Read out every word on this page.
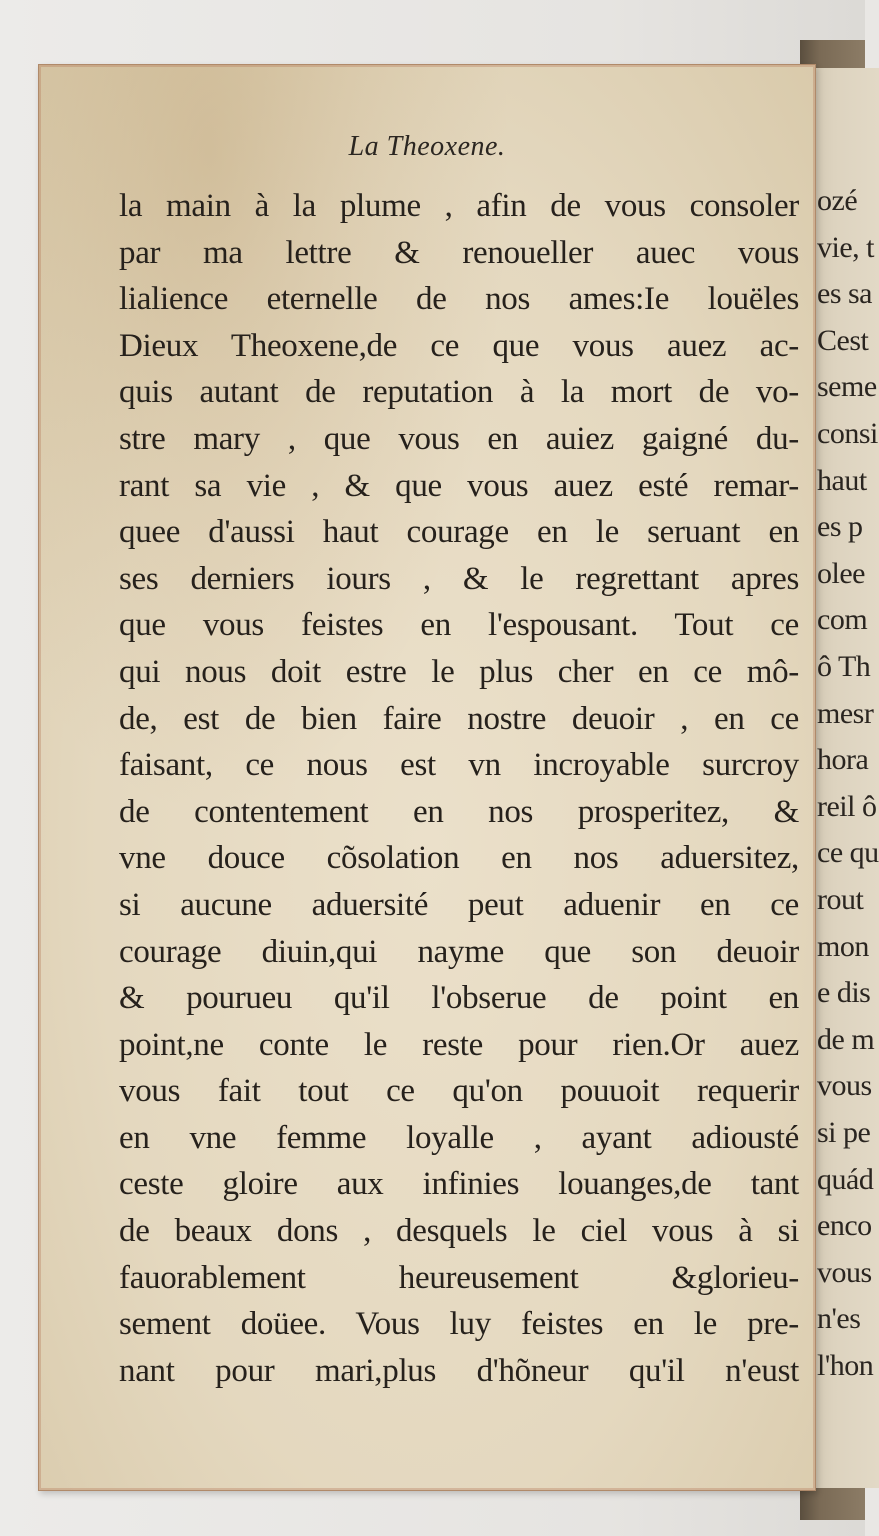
ozé
vie, t
es sa
Cest
seme
consi
haut
es p
olee
com
ô Th
mesr
hora
reil ô
ce qu
rout
mon
e dis
de m
vous
si pe
quád
enco
vous
n'es
l'hon
La Theoxene.
la main à la plume , afin de vous consoler
par ma lettre & renoueller auec vous
lialience eternelle de nos ames:Ie louëles
Dieux Theoxene,de ce que vous auez ac-
quis autant de reputation à la mort de vo-
stre mary , que vous en auiez gaigné du-
rant sa vie , & que vous auez esté remar-
quee d'aussi haut courage en le seruant en
ses derniers iours , & le regrettant apres
que vous feistes en l'espousant. Tout ce
qui nous doit estre le plus cher en ce mô-
de, est de bien faire nostre deuoir , en ce
faisant, ce nous est vn incroyable surcroy
de contentement en nos prosperitez, &
vne douce cõsolation en nos aduersitez,
si aucune aduersité peut aduenir en ce
courage diuin,qui nayme que son deuoir
& pourueu qu'il l'obserue de point en
point,ne conte le reste pour rien.Or auez
vous fait tout ce qu'on pouuoit requerir
en vne femme loyalle , ayant adiousté
ceste gloire aux infinies louanges,de tant
de beaux dons , desquels le ciel vous à si
fauorablement heureusement &glorieu-
sement doüee. Vous luy feistes en le pre-
nant pour mari,plus d'hõneur qu'il n'eust
